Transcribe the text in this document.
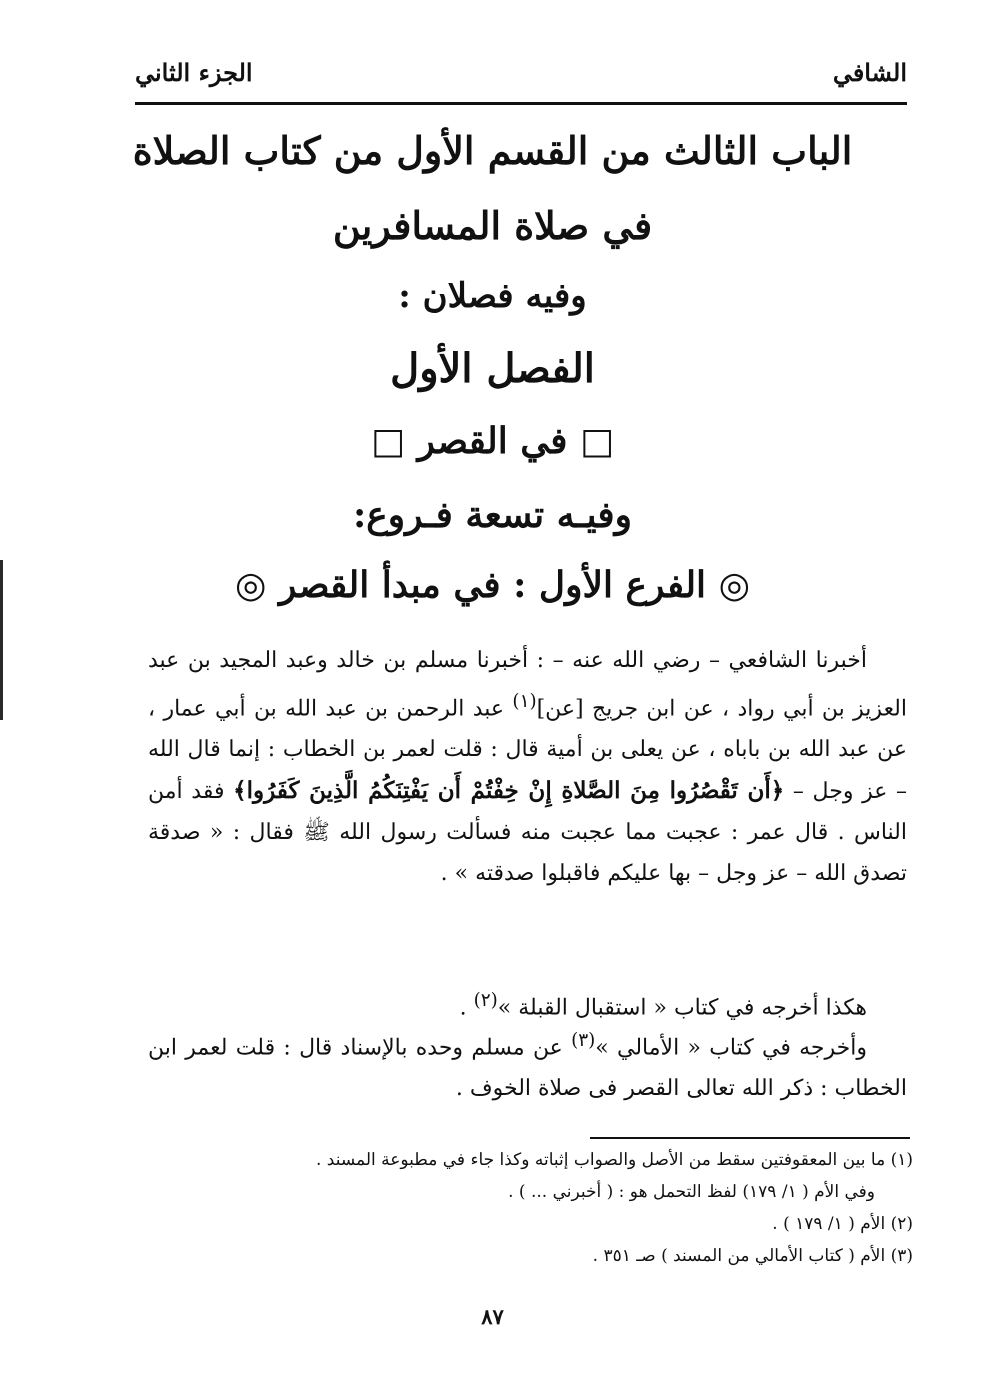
الشافي
الجزء الثاني
الباب الثالث من القسم الأول من كتاب الصلاة
في صلاة المسافرين
وفيه فصلان :
الفصل الأول
□ في القصر □
وفيـه تسعة فـروع:
◎ الفرع الأول : في مبدأ القصر ◎
أخبرنا الشافعي – رضي الله عنه – : أخبرنا مسلم بن خالد وعبد المجيد بن عبد العزيز بن أبي رواد ، عن ابن جريج [عن]$^{(١)}$ عبد الرحمن بن عبد الله بن أبي عمار ، عن عبد الله بن باباه ، عن يعلى بن أمية قال : قلت لعمر بن الخطاب : إنما قال الله – عز وجل – ﴿أَن تَقْصُرُوا مِنَ الصَّلاةِ إِنْ خِفْتُمْ أَن يَفْتِنَكُمُ الَّذِينَ كَفَرُوا﴾ فقد أمن الناس . قال عمر : عجبت مما عجبت منه فسألت رسول الله ﷺ فقال : « صدقة تصدق الله – عز وجل – بها عليكم فاقبلوا صدقته » .
هكذا أخرجه في كتاب « استقبال القبلة »$^{(٢)}$ .
وأخرجه في كتاب « الأمالي »$^{(٣)}$ عن مسلم وحده بالإسناد قال : قلت لعمر ابن الخطاب : ذكر الله تعالى القصر فى صلاة الخوف .
(١) ما بين المعقوفتين سقط من الأصل والصواب إثباته وكذا جاء في مطبوعة المسند .
وفي الأم ( ١/ ١٧٩) لفظ التحمل هو : ( أخبرني ... ) .
(٢) الأم ( ١/ ١٧٩ ) .
(٣) الأم ( كتاب الأمالي من المسند ) صـ ٣٥١ .
٨٧
